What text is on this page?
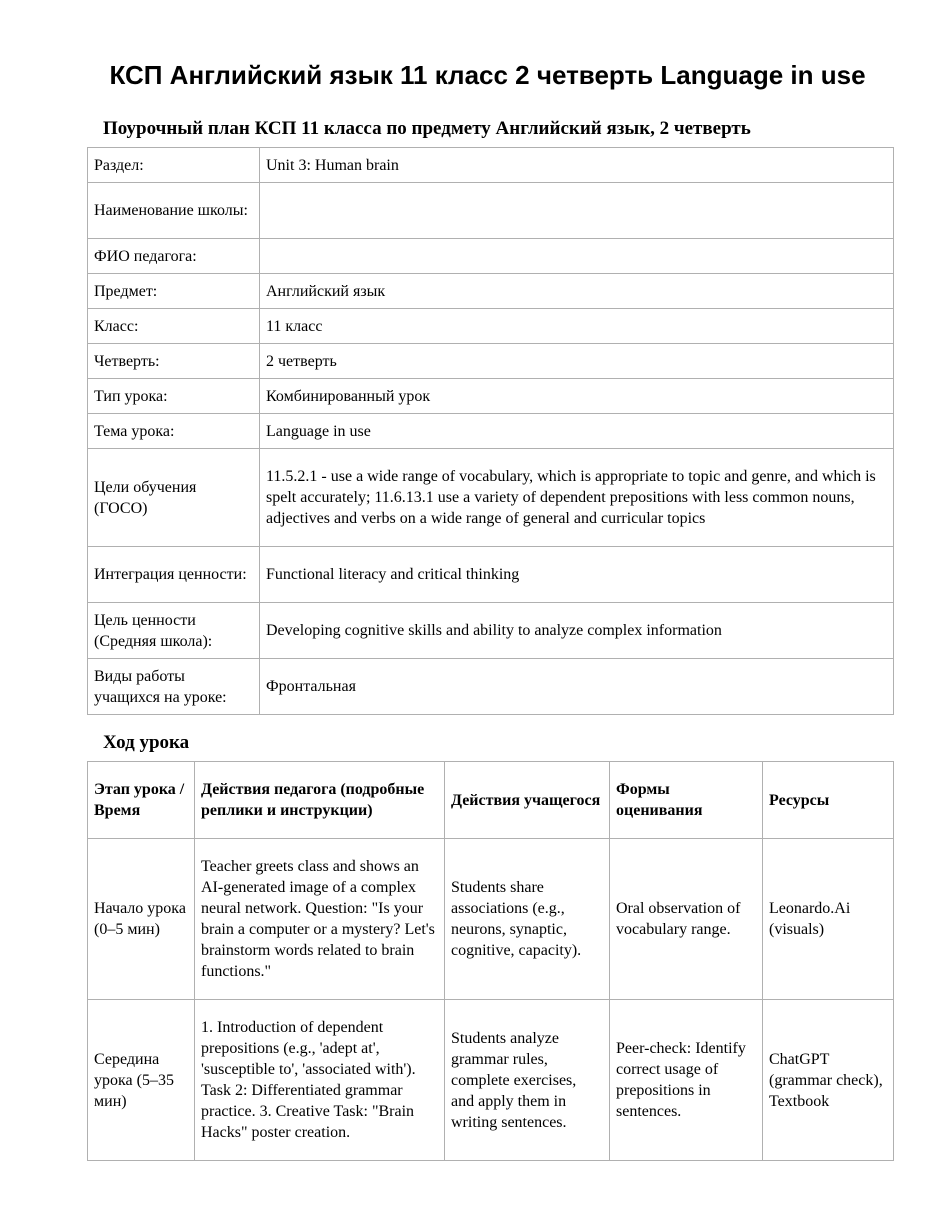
КСП Английский язык 11 класс 2 четверть Language in use
Поурочный план КСП 11 класса по предмету Английский язык, 2 четверть
Раздел:	Unit 3: Human brain
Наименование школы:	
ФИО педагога:	
Предмет:	Английский язык
Класс:	11 класс
Четверть:	2 четверть
Тип урока:	Комбинированный урок
Тема урока:	Language in use
Цели обучения (ГОСО)	11.5.2.1 - use a wide range of vocabulary, which is appropriate to topic and genre, and which is spelt accurately; 11.6.13.1 use a variety of dependent prepositions with less common nouns, adjectives and verbs on a wide range of general and curricular topics
Интеграция ценности:	Functional literacy and critical thinking
Цель ценности (Средняя школа):	Developing cognitive skills and ability to analyze complex information
Виды работы учащихся на уроке:	Фронтальная
Ход урока
Этап урока / Время	Действия педагога (подробные реплики и инструкции)	Действия учащегося	Формы оценивания	Ресурсы
Начало урока (0–5 мин)	Teacher greets class and shows an AI-generated image of a complex neural network. Question: "Is your brain a computer or a mystery? Let's brainstorm words related to brain functions."	Students share associations (e.g., neurons, synaptic, cognitive, capacity).	Oral observation of vocabulary range.	Leonardo.Ai (visuals)
Середина урока (5–35 мин)	1. Introduction of dependent prepositions (e.g., 'adept at', 'susceptible to', 'associated with'). Task 2: Differentiated grammar practice. 3. Creative Task: "Brain Hacks" poster creation.	Students analyze grammar rules, complete exercises, and apply them in writing sentences.	Peer-check: Identify correct usage of prepositions in sentences.	ChatGPT (grammar check), Textbook
